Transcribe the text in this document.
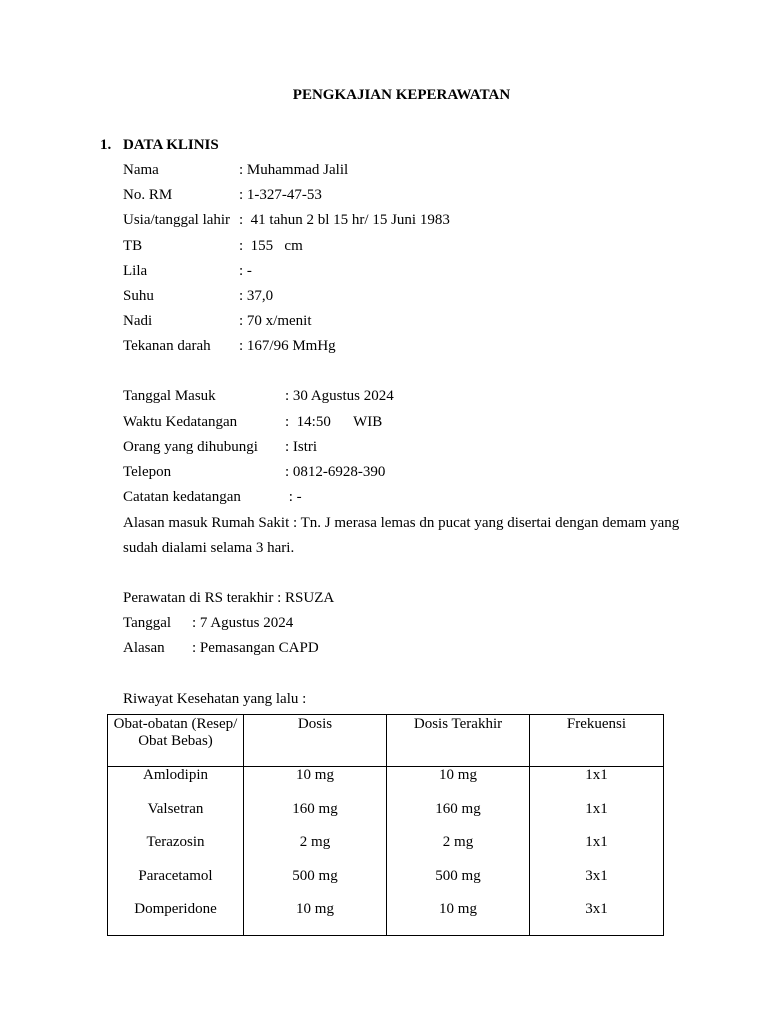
PENGKAJIAN KEPERAWATAN
1. DATA KLINIS
Nama	: Muhammad Jalil
No. RM	: 1-327-47-53
Usia/tanggal lahir :  41 tahun 2 bl 15 hr/ 15 Juni 1983
TB	:  155   cm
Lila	: -
Suhu	: 37,0
Nadi	: 70 x/menit
Tekanan darah : 167/96 MmHg
Tanggal Masuk	: 30 Agustus 2024
Waktu Kedatangan	:  14:50      WIB
Orang yang dihubungi : Istri
Telepon	: 0812-6928-390
Catatan kedatangan	: -
Alasan masuk Rumah Sakit : Tn. J merasa lemas dn pucat yang disertai dengan demam yang
sudah dialami selama 3 hari.
Perawatan di RS terakhir : RSUZA
Tanggal : 7 Agustus 2024
Alasan : Pemasangan CAPD
Riwayat Kesehatan yang lalu :
Obat-obatan (Resep/ Obat Bebas)	Dosis	Dosis Terakhir	Frekuensi
Amlodipin	10 mg	10 mg	1x1
Valsetran	160 mg	160 mg	1x1
Terazosin	2 mg	2 mg	1x1
Paracetamol	500 mg	500 mg	3x1
Domperidone	10 mg	10 mg	3x1
